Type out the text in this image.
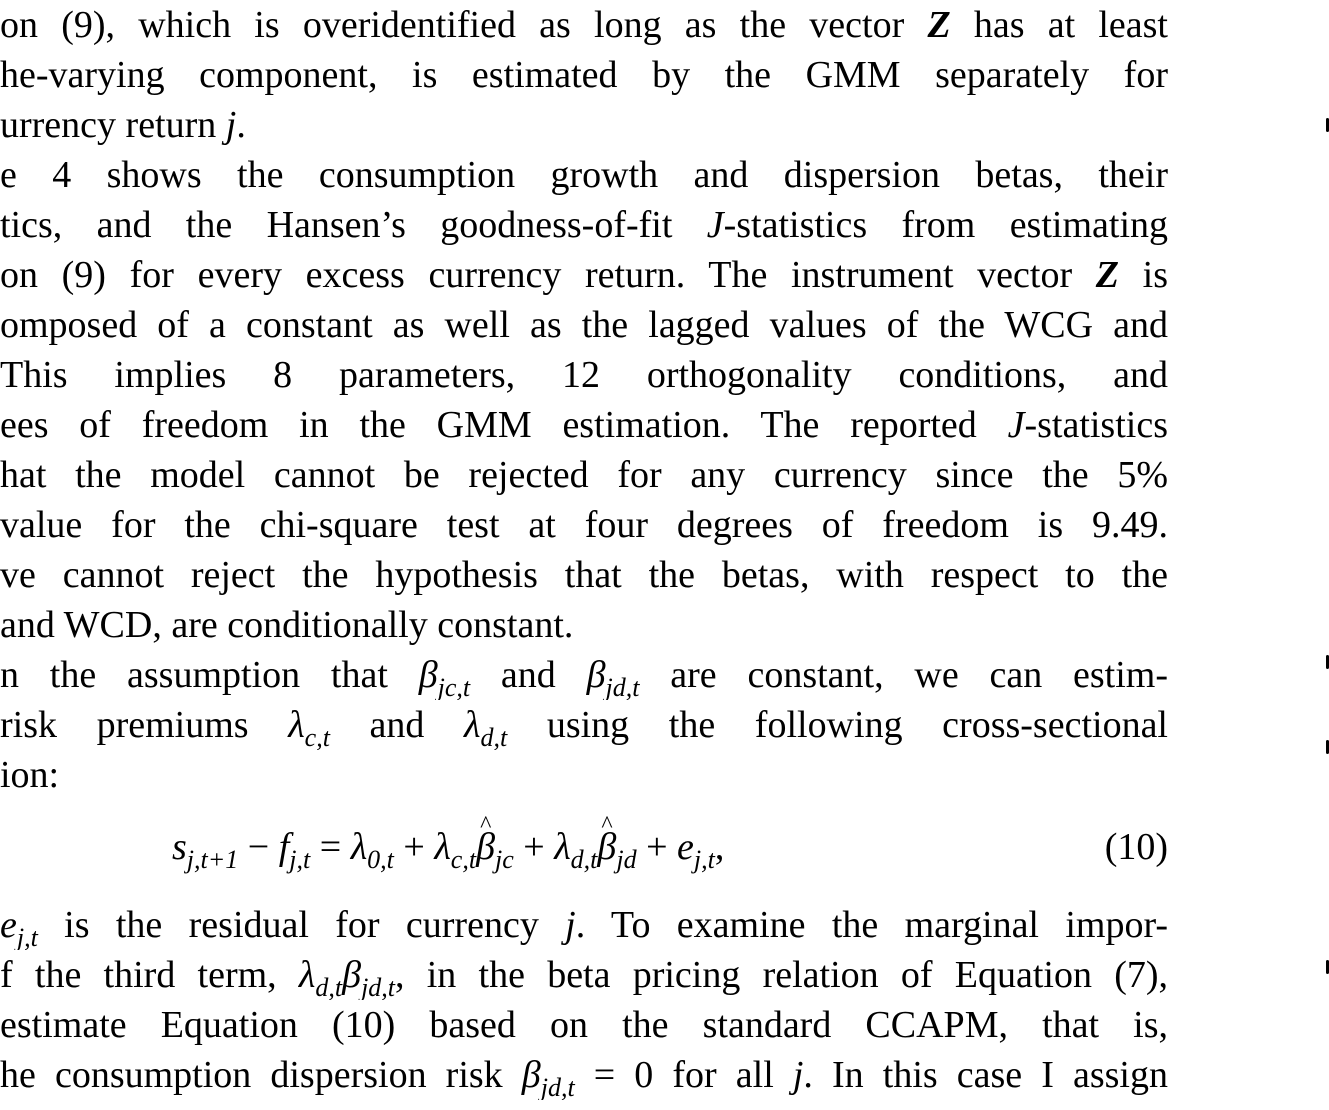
on (9), which is overidentified as long as the vector Z has at least
he-varying component, is estimated by the GMM separately for
urrency return j.
e 4 shows the consumption growth and dispersion betas, their
tics, and the Hansen’s goodness-of-fit J-statistics from estimating
on (9) for every excess currency return. The instrument vector Z is
omposed of a constant as well as the lagged values of the WCG and
This implies 8 parameters, 12 orthogonality conditions, and
ees of freedom in the GMM estimation. The reported J-statistics
hat the model cannot be rejected for any currency since the 5%
value for the chi-square test at four degrees of freedom is 9.49.
ve cannot reject the hypothesis that the betas, with respect to the
and WCD, are conditionally constant.
n the assumption that $\beta_{jc,t}$ and $\beta_{jd,t}$ are constant, we can estim-
risk premiums $\lambda_{c,t}$ and $\lambda_{d,t}$ using the following cross-sectional
ion:
$s_{j,t+1} - f_{j,t} = \lambda_{0,t}$ + $\lambda_{c,t}\^{}$ $\beta_{jc}$ + $\lambda_{d,t}\^{}$ $\beta_{jd} + e_{j,t}$,	(10)
$e_{j,t}$ is the residual for currency j. To examine the marginal impor-
f the third term, $\lambda_{d,t}\beta_{jd,t}$, in the beta pricing relation of Equation (7),
estimate Equation (10) based on the standard CCAPM, that is,
he consumption dispersion risk $\beta_{jd,t} = 0$ for all j. In this case I assign
